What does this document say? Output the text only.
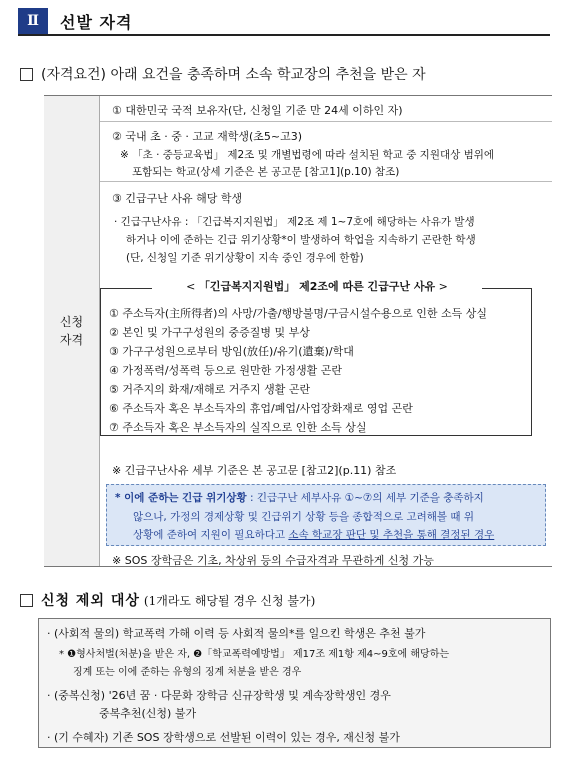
Ⅱ	선발 자격
(자격요건) 아래 요건을 충족하며 소속 학교장의 추천을 받은 자
신청
자격
① 대한민국 국적 보유자(단, 신청일 기준 만 24세 이하인 자)
② 국내 초 · 중 · 고교 재학생(초5~고3)
※ 「초 · 중등교육법」 제2조 및 개별법령에 따라 설치된 학교 중 지원대상 범위에
포함되는 학교(상세 기준은 본 공고문 [참고1](p.10) 참조)
③ 긴급구난 사유 해당 학생
· 긴급구난사유 : 「긴급복지지원법」 제2조 제 1~7호에 해당하는 사유가 발생
하거나 이에 준하는 긴급 위기상황*이 발생하여 학업을 지속하기 곤란한 학생
(단, 신청일 기준 위기상황이 지속 중인 경우에 한함)
① 주소득자(主所得者)의 사망/가출/행방불명/구금시설수용으로 인한 소득 상실
② 본인 및 가구구성원의 중증질병 및 부상
③ 가구구성원으로부터 방임(放任)/유기(遺棄)/학대
④ 가정폭력/성폭력 등으로 원만한 가정생활 곤란
⑤ 거주지의 화재/재해로 거주지 생활 곤란
⑥ 주소득자 혹은 부소득자의 휴업/폐업/사업장화재로 영업 곤란
⑦ 주소득자 혹은 부소득자의 실직으로 인한 소득 상실
< 「긴급복지지원법」 제2조에 따른 긴급구난 사유 >
※ 긴급구난사유 세부 기준은 본 공고문 [참고2](p.11) 참조
* 이에 준하는 긴급 위기상황 : 긴급구난 세부사유 ①~⑦의 세부 기준을 충족하지
않으나, 가정의 경제상황 및 긴급위기 상황 등을 종합적으로 고려해볼 때 위
상황에 준하여 지원이 필요하다고 소속 학교장 판단 및 추천을 통해 결정된 경우
※ SOS 장학금은 기초, 차상위 등의 수급자격과 무관하게 신청 가능
신청 제외 대상 (1개라도 해당될 경우 신청 불가)
· (사회적 물의) 학교폭력 가해 이력 등 사회적 물의*를 일으킨 학생은 추천 불가
* ❶형사처벌(처분)을 받은 자, ❷「학교폭력예방법」 제17조 제1항 제4~9호에 해당하는
징계 또는 이에 준하는 유형의 징계 처분을 받은 경우
· (중복신청) '26년 꿈 · 다문화 장학금 신규장학생 및 계속장학생인 경우
중복추천(신청) 불가
· (기 수혜자) 기존 SOS 장학생으로 선발된 이력이 있는 경우, 재신청 불가
